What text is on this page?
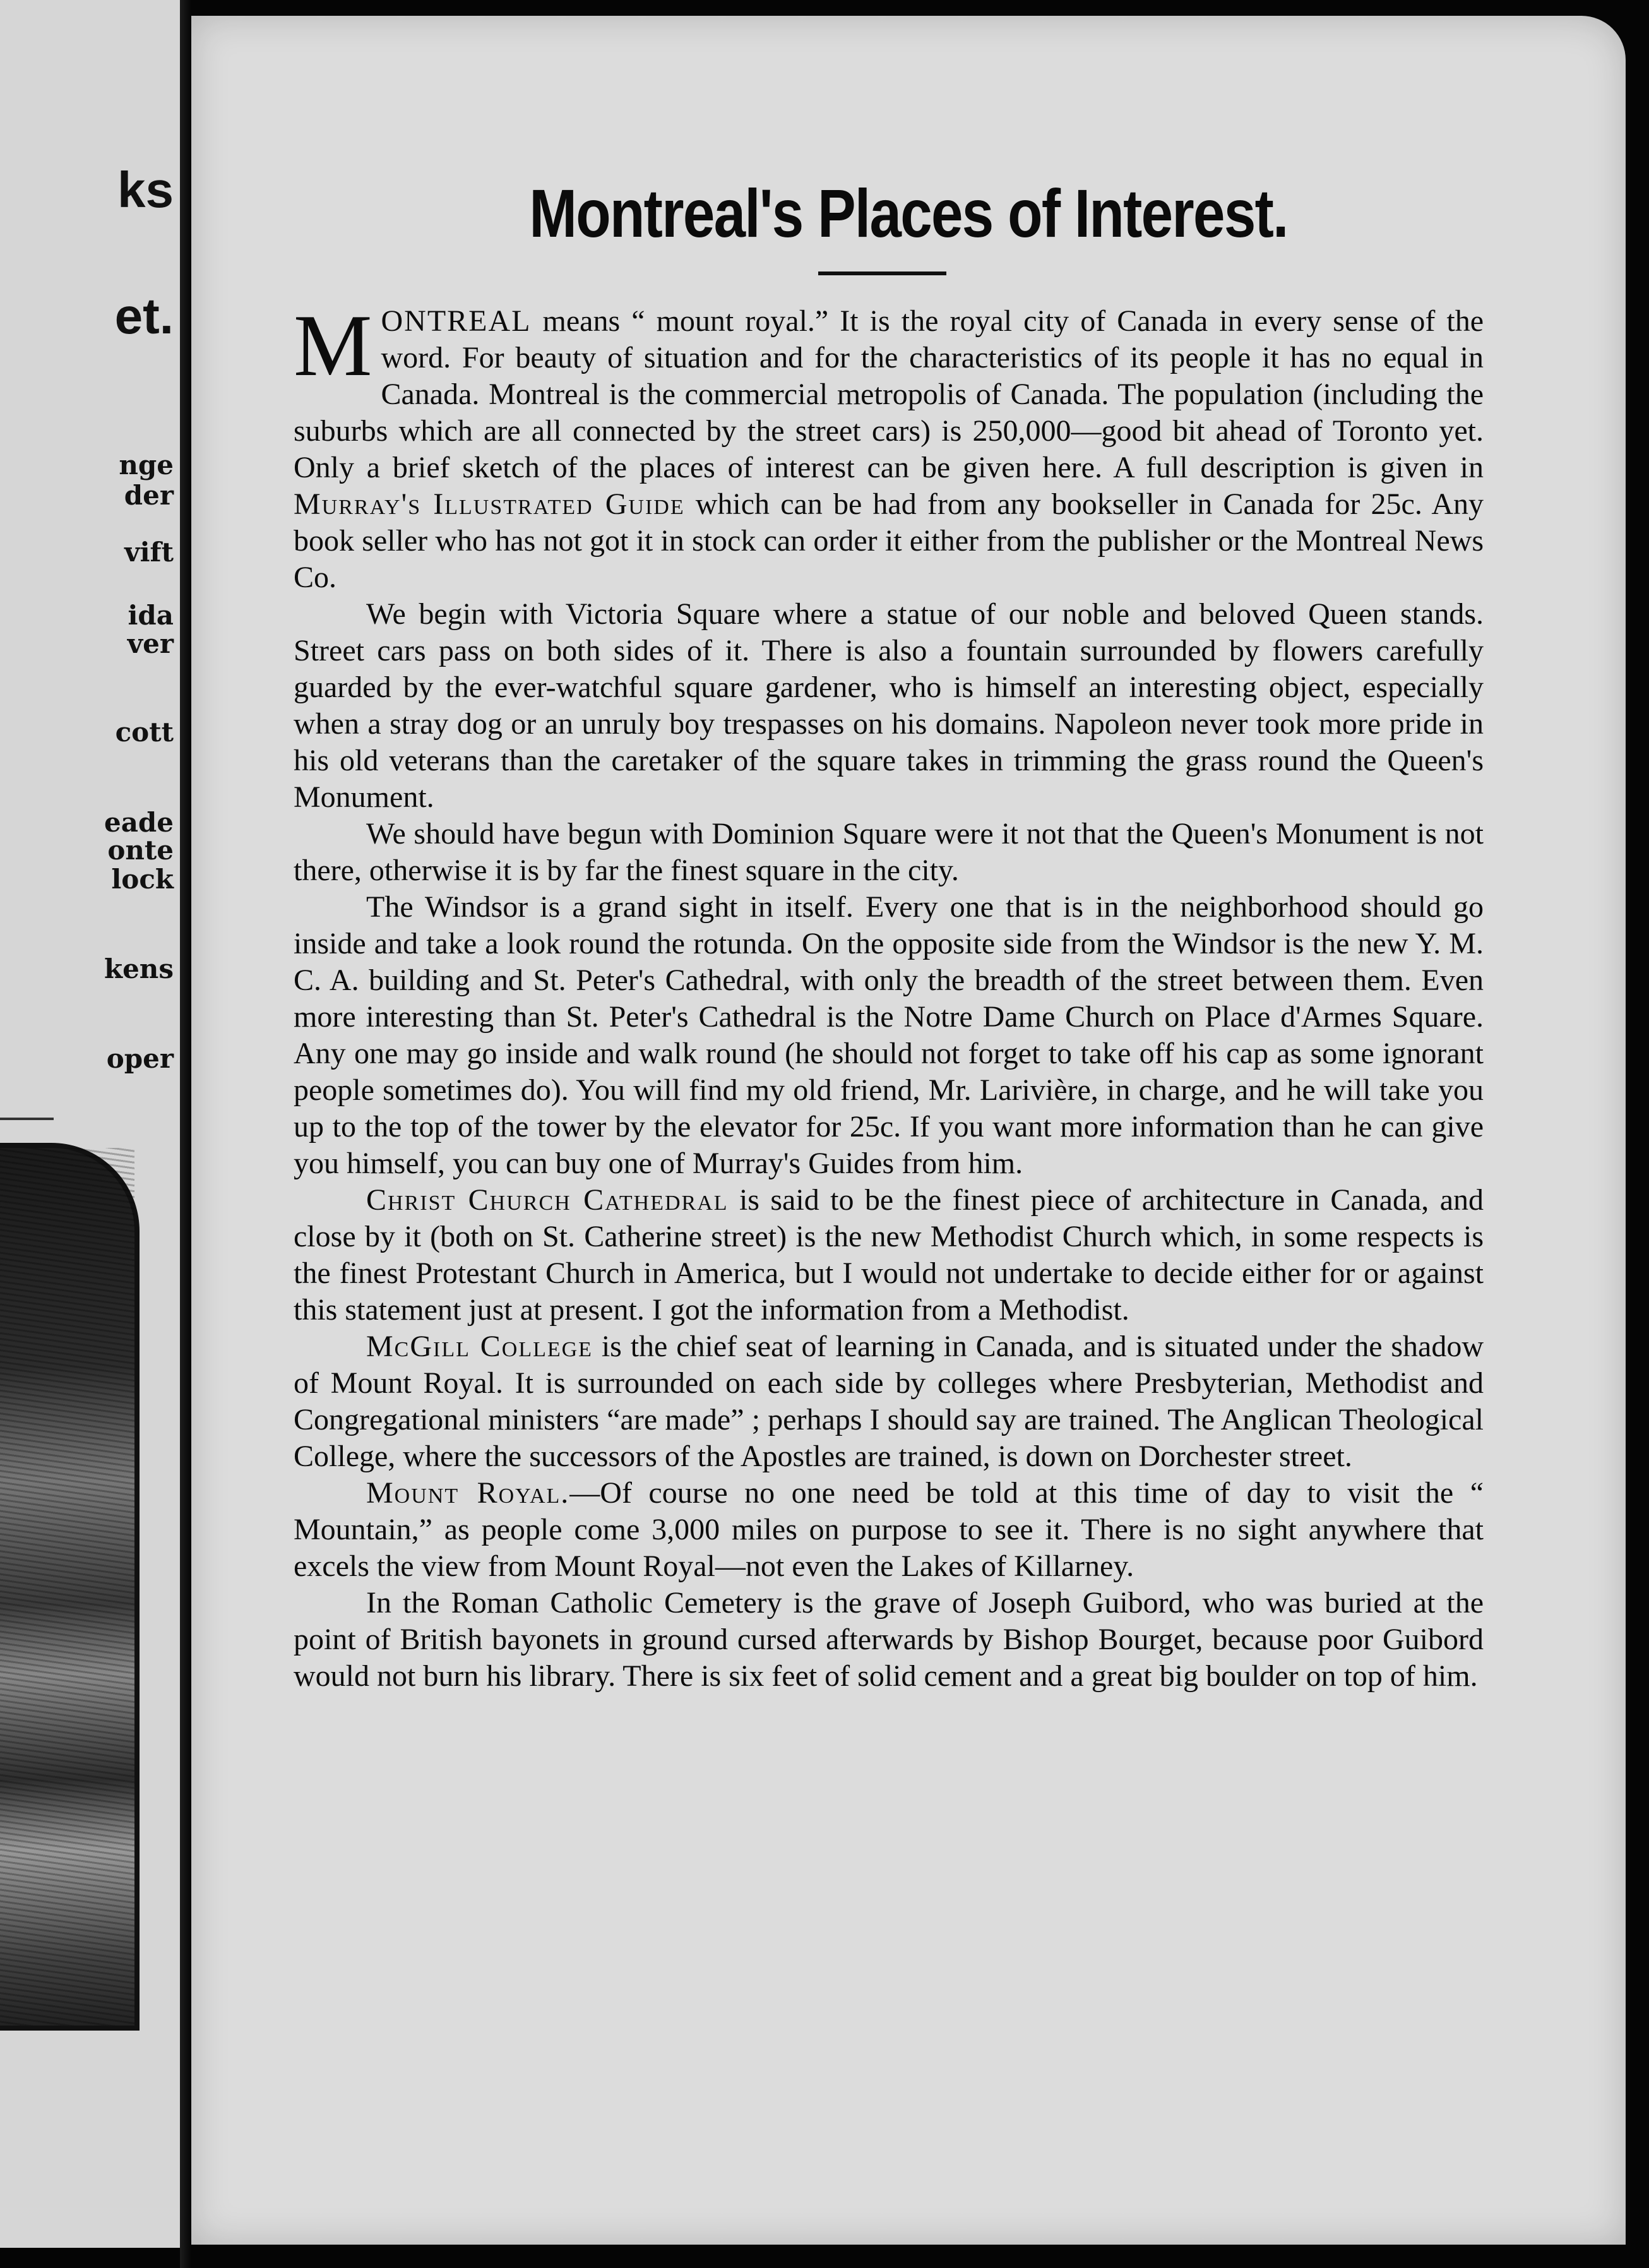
ks
et.
nge
der
vift
ida
ver
cott
eade
onte
lock
kens
oper
Montreal's Places of Interest.

MONTREAL means “ mount royal.” It is the royal city of Canada in every sense of the word. For beauty of situation and for the characteristics of its people it has no equal in Canada. Montreal is the commercial metropolis of Canada. The population (including the suburbs which are all connected by the street cars) is 250,000—good bit ahead of Toronto yet. Only a brief sketch of the places of interest can be given here. A full description is given in Murray's Illustrated Guide which can be had from any bookseller in Canada for 25c. Any book seller who has not got it in stock can order it either from the publisher or the Montreal News Co.

We begin with Victoria Square where a statue of our noble and beloved Queen stands. Street cars pass on both sides of it. There is also a fountain surrounded by flowers carefully guarded by the ever-watchful square gardener, who is himself an interesting object, especially when a stray dog or an unruly boy trespasses on his domains. Napoleon never took more pride in his old veterans than the caretaker of the square takes in trimming the grass round the Queen's Monument.

We should have begun with Dominion Square were it not that the Queen's Monument is not there, otherwise it is by far the finest square in the city.

The Windsor is a grand sight in itself. Every one that is in the neighborhood should go inside and take a look round the rotunda. On the opposite side from the Windsor is the new Y. M. C. A. building and St. Peter's Cathedral, with only the breadth of the street between them. Even more interesting than St. Peter's Cathedral is the Notre Dame Church on Place d'Armes Square. Any one may go inside and walk round (he should not forget to take off his cap as some ignorant people sometimes do). You will find my old friend, Mr. Larivière, in charge, and he will take you up to the top of the tower by the elevator for 25c. If you want more information than he can give you himself, you can buy one of Murray's Guides from him.

Christ Church Cathedral is said to be the finest piece of architecture in Canada, and close by it (both on St. Catherine street) is the new Methodist Church which, in some respects is the finest Protestant Church in America, but I would not undertake to decide either for or against this statement just at present. I got the information from a Methodist.

McGill College is the chief seat of learning in Canada, and is situated under the shadow of Mount Royal. It is surrounded on each side by colleges where Presbyterian, Methodist and Congregational ministers “are made” ; perhaps I should say are trained. The Anglican Theological College, where the successors of the Apostles are trained, is down on Dorchester street.

Mount Royal.—Of course no one need be told at this time of day to visit the “ Mountain,” as people come 3,000 miles on purpose to see it. There is no sight anywhere that excels the view from Mount Royal—not even the Lakes of Killarney.

In the Roman Catholic Cemetery is the grave of Joseph Guibord, who was buried at the point of British bayonets in ground cursed afterwards by Bishop Bourget, because poor Guibord would not burn his library. There is six feet of solid cement and a great big boulder on top of him.
